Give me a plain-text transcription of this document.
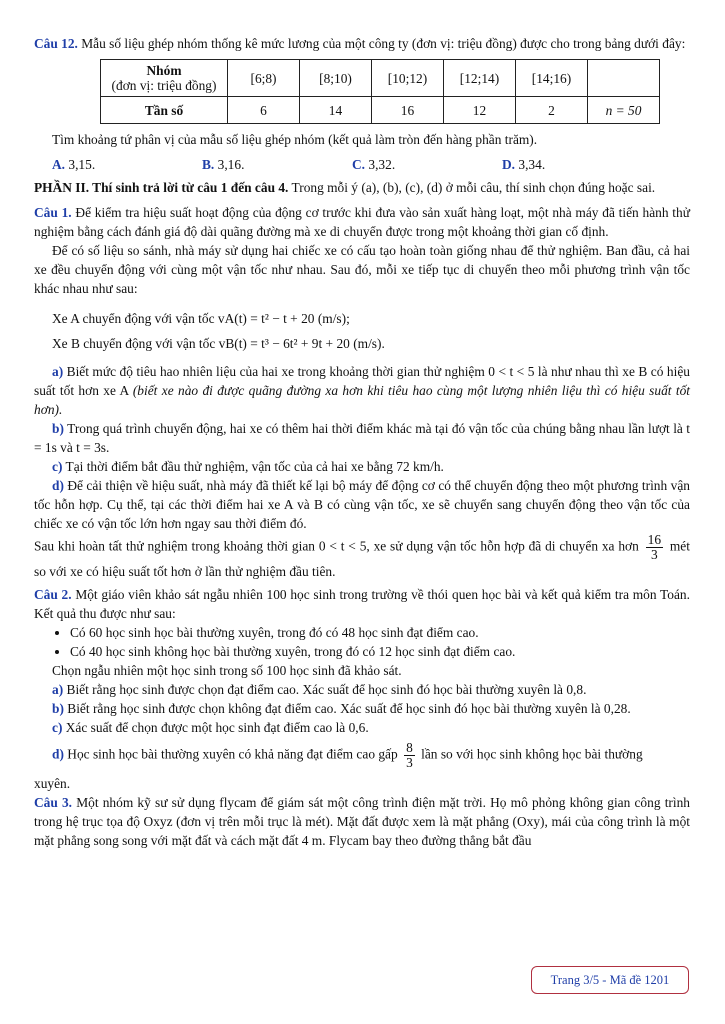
Câu 12. Mẫu số liệu ghép nhóm thống kê mức lương của một công ty (đơn vị: triệu đồng) được cho trong bảng dưới đây:

Nhóm
(đơn vị: triệu đồng)	[6;8)	[8;10)	[10;12)	[12;14)	[14;16)	
Tần số	6	14	16	12	2	n = 50

Tìm khoảng tứ phân vị của mẫu số liệu ghép nhóm (kết quả làm tròn đến hàng phần trăm).

A. 3,15.	B. 3,16.	C. 3,32.	D. 3,34.

PHẦN II. Thí sinh trả lời từ câu 1 đến câu 4. Trong mỗi ý (a), (b), (c), (d) ở mỗi câu, thí sinh chọn đúng hoặc sai.

Câu 1. Để kiểm tra hiệu suất hoạt động của động cơ trước khi đưa vào sản xuất hàng loạt, một nhà máy đã tiến hành thử nghiệm bằng cách đánh giá độ dài quãng đường mà xe di chuyển được trong một khoảng thời gian cố định.

Để có số liệu so sánh, nhà máy sử dụng hai chiếc xe có cấu tạo hoàn toàn giống nhau để thử nghiệm. Ban đầu, cả hai xe đều chuyển động với cùng một vận tốc như nhau. Sau đó, mỗi xe tiếp tục di chuyển theo mỗi phương trình vận tốc khác nhau như sau:

Xe A chuyển động với vận tốc vA(t) = t² − t + 20 (m/s);
Xe B chuyển động với vận tốc vB(t) = t³ − 6t² + 9t + 20 (m/s).

a) Biết mức độ tiêu hao nhiên liệu của hai xe trong khoảng thời gian thử nghiệm 0 < t < 5 là như nhau thì xe B có hiệu suất tốt hơn xe A (biết xe nào đi được quãng đường xa hơn khi tiêu hao cùng một lượng nhiên liệu thì có hiệu suất tốt hơn).

b) Trong quá trình chuyển động, hai xe có thêm hai thời điểm khác mà tại đó vận tốc của chúng bằng nhau lần lượt là t = 1s và t = 3s.

c) Tại thời điểm bắt đầu thử nghiệm, vận tốc của cả hai xe bằng 72 km/h.

d) Để cải thiện về hiệu suất, nhà máy đã thiết kế lại bộ máy để động cơ có thể chuyển động theo một phương trình vận tốc hỗn hợp. Cụ thể, tại các thời điểm hai xe A và B có cùng vận tốc, xe sẽ chuyển sang chuyển động theo vận tốc của chiếc xe có vận tốc lớn hơn ngay sau thời điểm đó.

Sau khi hoàn tất thử nghiệm trong khoảng thời gian 0 < t < 5, xe sử dụng vận tốc hỗn hợp đã di chuyển xa hơn $\frac{16}{3}$ mét so với xe có hiệu suất tốt hơn ở lần thử nghiệm đầu tiên.

Câu 2. Một giáo viên khảo sát ngẫu nhiên 100 học sinh trong trường về thói quen học bài và kết quả kiểm tra môn Toán. Kết quả thu được như sau:

• Có 60 học sinh học bài thường xuyên, trong đó có 48 học sinh đạt điểm cao.
• Có 40 học sinh không học bài thường xuyên, trong đó có 12 học sinh đạt điểm cao.

Chọn ngẫu nhiên một học sinh trong số 100 học sinh đã khảo sát.

a) Biết rằng học sinh được chọn đạt điểm cao. Xác suất để học sinh đó học bài thường xuyên là 0,8.

b) Biết rằng học sinh được chọn không đạt điểm cao. Xác suất để học sinh đó học bài thường xuyên là 0,28.

c) Xác suất để chọn được một học sinh đạt điểm cao là 0,6.

d) Học sinh học bài thường xuyên có khả năng đạt điểm cao gấp $\frac{8}{3}$ lần so với học sinh không học bài thường

xuyên.

Câu 3. Một nhóm kỹ sư sử dụng flycam để giám sát một công trình điện mặt trời. Họ mô phỏng không gian công trình trong hệ trục tọa độ Oxyz (đơn vị trên mỗi trục là mét). Mặt đất được xem là mặt phẳng (Oxy), mái của công trình là một mặt phẳng song song với mặt đất và cách mặt đất 4 m. Flycam bay theo đường thẳng bắt đầu

Trang 3/5 - Mã đề 1201
